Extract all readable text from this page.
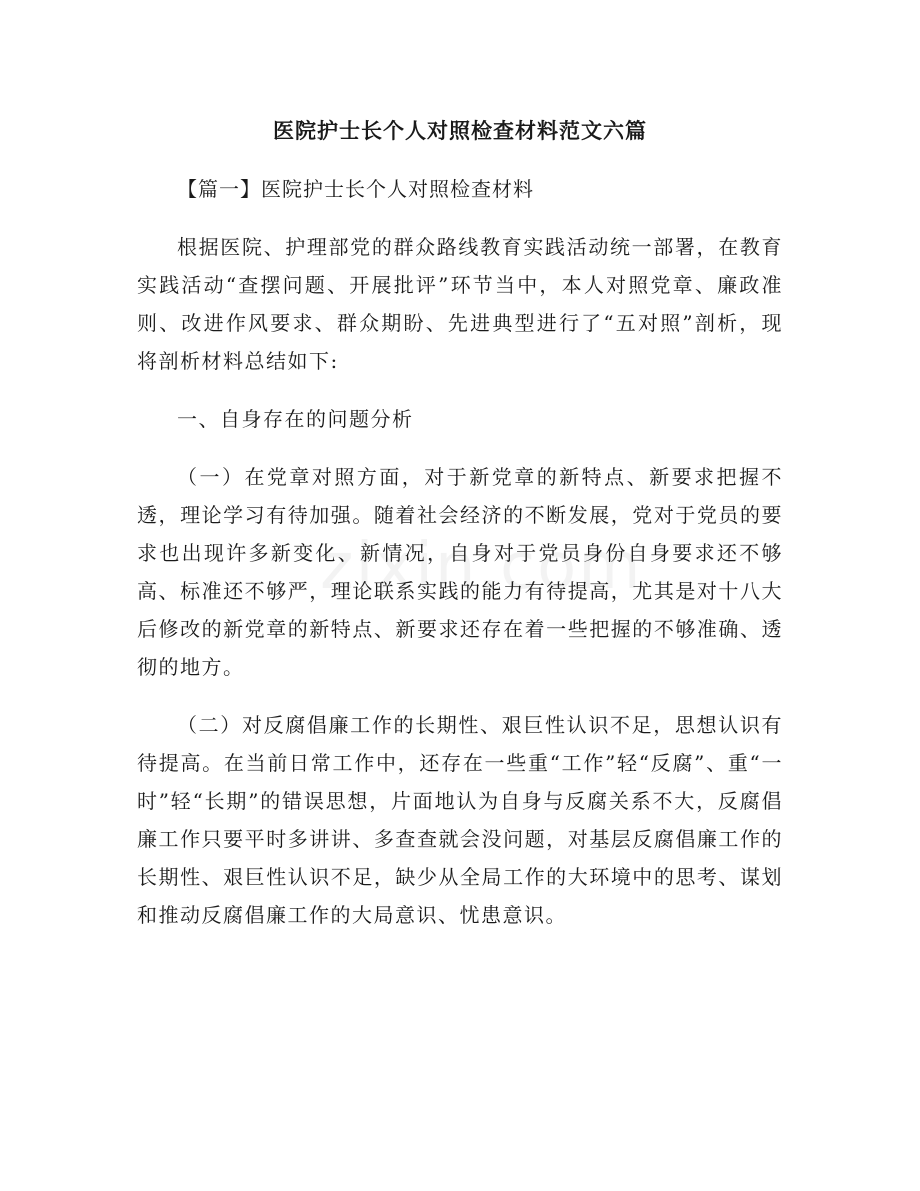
医院护士长个人对照检查材料范文六篇
【篇一】医院护士长个人对照检查材料

根据医院、护理部党的群众路线教育实践活动统一部署，在教育实践活动“查摆问题、开展批评”环节当中，本人对照党章、廉政准则、改进作风要求、群众期盼、先进典型进行了“五对照”剖析，现将剖析材料总结如下:

一、自身存在的问题分析

（一）在党章对照方面，对于新党章的新特点、新要求把握不透，理论学习有待加强。随着社会经济的不断发展，党对于党员的要求也出现许多新变化、新情况，自身对于党员身份自身要求还不够高、标准还不够严，理论联系实践的能力有待提高，尤其是对十八大后修改的新党章的新特点、新要求还存在着一些把握的不够准确、透彻的地方。

（二）对反腐倡廉工作的长期性、艰巨性认识不足，思想认识有待提高。在当前日常工作中，还存在一些重“工作”轻“反腐”、重“一时”轻“长期”的错误思想，片面地认为自身与反腐关系不大，反腐倡廉工作只要平时多讲讲、多查查就会没问题，对基层反腐倡廉工作的长期性、艰巨性认识不足，缺少从全局工作的大环境中的思考、谋划和推动反腐倡廉工作的大局意识、忧患意识。
